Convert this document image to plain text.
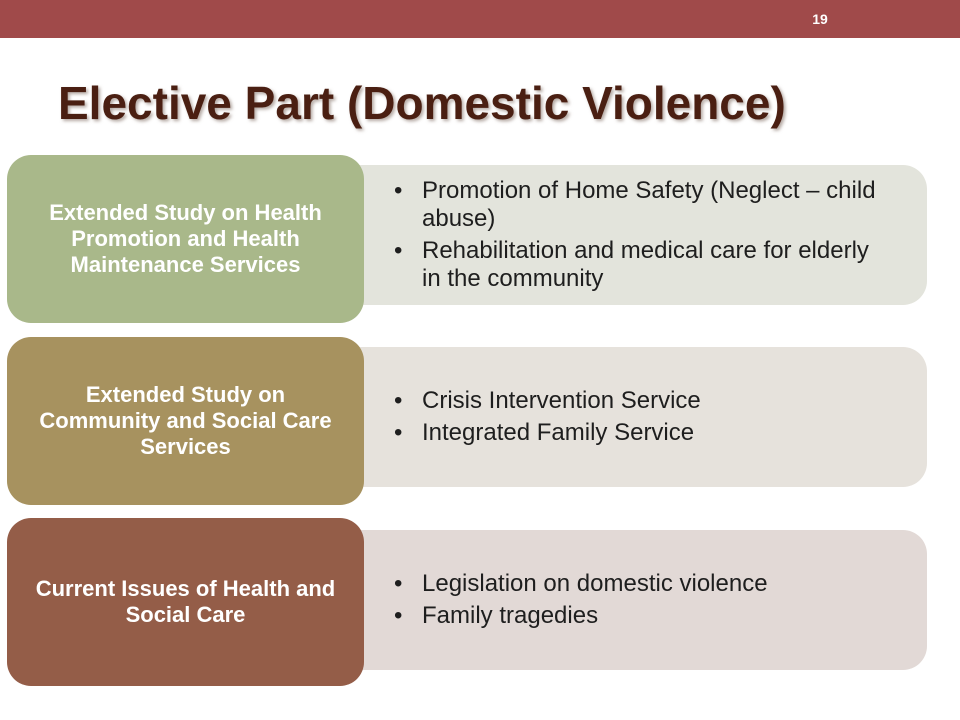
19
Elective Part (Domestic Violence)
• Promotion of Home Safety (Neglect – child abuse)
• Rehabilitation and medical care for elderly in the community
Extended Study on Health Promotion and Health Maintenance Services
• Crisis Intervention Service
• Integrated Family Service
Extended Study on Community and Social Care Services
• Legislation on domestic violence
• Family tragedies
Current Issues of Health and Social Care
